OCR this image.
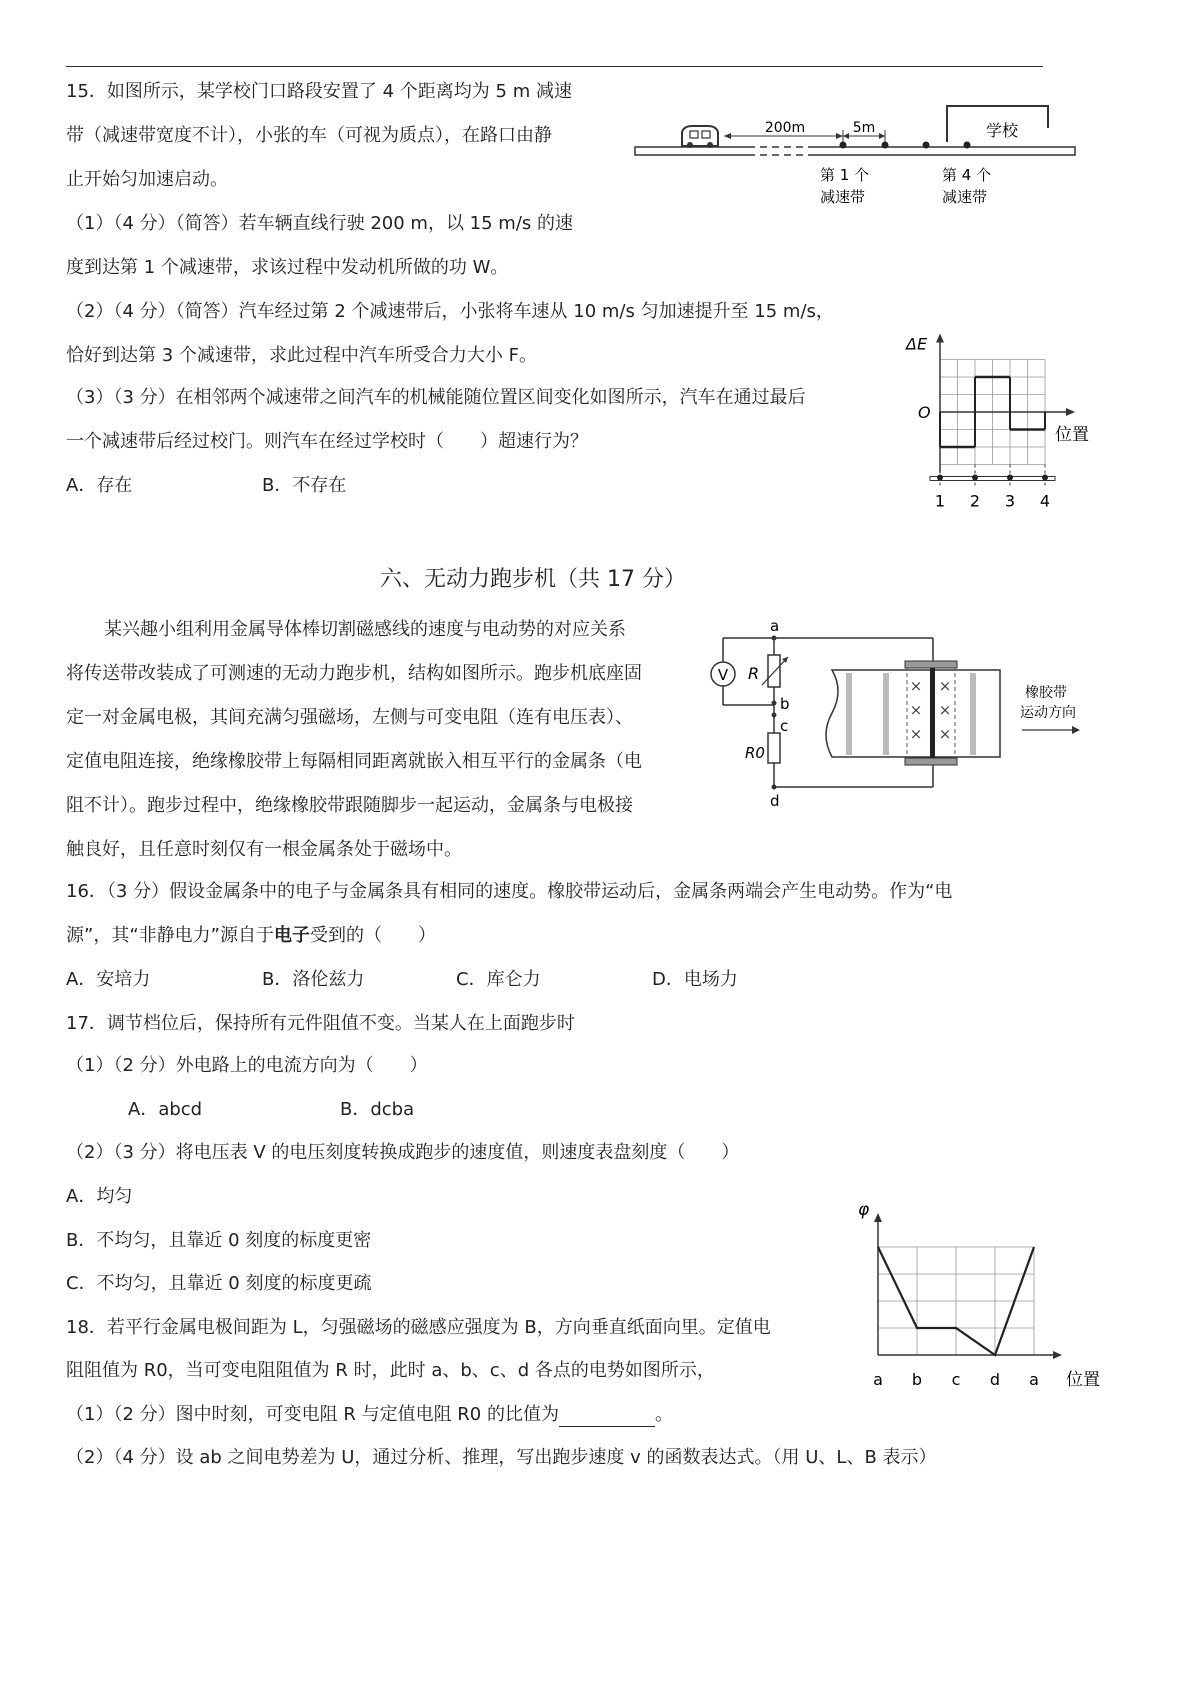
15．如图所示，某学校门口路段安置了 4 个距离均为 5 m 减速
带（减速带宽度不计），小张的车（可视为质点），在路口由静
止开始匀加速启动。
（1）（4 分）（简答）若车辆直线行驶 200 m，以 15 m/s 的速
度到达第 1 个减速带，求该过程中发动机所做的功 W。
（2）（4 分）（简答）汽车经过第 2 个减速带后，小张将车速从 10 m/s 匀加速提升至 15 m/s，
恰好到达第 3 个减速带，求此过程中汽车所受合力大小 F。
（3）（3 分）在相邻两个减速带之间汽车的机械能随位置区间变化如图所示，汽车在通过最后
一个减速带后经过校门。则汽车在经过学校时（　　）超速行为？
A．存在	B．不存在
200m	5m	学校
第 1 个
减速带
第 4 个
减速带
ΔE
O
位置
1 2 3 4
六、无动力跑步机（共 17 分）
某兴趣小组利用金属导体棒切割磁感线的速度与电动势的对应关系
将传送带改装成了可测速的无动力跑步机，结构如图所示。跑步机底座固
定一对金属电极，其间充满匀强磁场，左侧与可变电阻（连有电压表）、
定值电阻连接，绝缘橡胶带上每隔相同距离就嵌入相互平行的金属条（电
阻不计）。跑步过程中，绝缘橡胶带跟随脚步一起运动，金属条与电极接
触良好，且任意时刻仅有一根金属条处于磁场中。
V R
a
b
c
R0
d
× ×
× ×
× ×
橡胶带
运动方向
16．（3 分）假设金属条中的电子与金属条具有相同的速度。橡胶带运动后，金属条两端会产生电动势。作为“电
源”，其“非静电力”源自于电子受到的（　　）
A．安培力	B．洛伦兹力	C．库仑力	D．电场力
17．调节档位后，保持所有元件阻值不变。当某人在上面跑步时
（1）（2 分）外电路上的电流方向为（　　）
A．abcd	B．dcba
（2）（3 分）将电压表 V 的电压刻度转换成跑步的速度值，则速度表盘刻度（　　）
A．均匀
B．不均匀，且靠近 0 刻度的标度更密
C．不均匀，且靠近 0 刻度的标度更疏
φ
位置
a b c d a
18．若平行金属电极间距为 L，匀强磁场的磁感应强度为 B，方向垂直纸面向里。定值电
阻阻值为 R0，当可变电阻阻值为 R 时，此时 a、b、c、d 各点的电势如图所示，
（1）（2 分）图中时刻，可变电阻 R 与定值电阻 R0 的比值为	。
（2）（4 分）设 ab 之间电势差为 U，通过分析、推理，写出跑步速度 v 的函数表达式。（用 U、L、B 表示）
